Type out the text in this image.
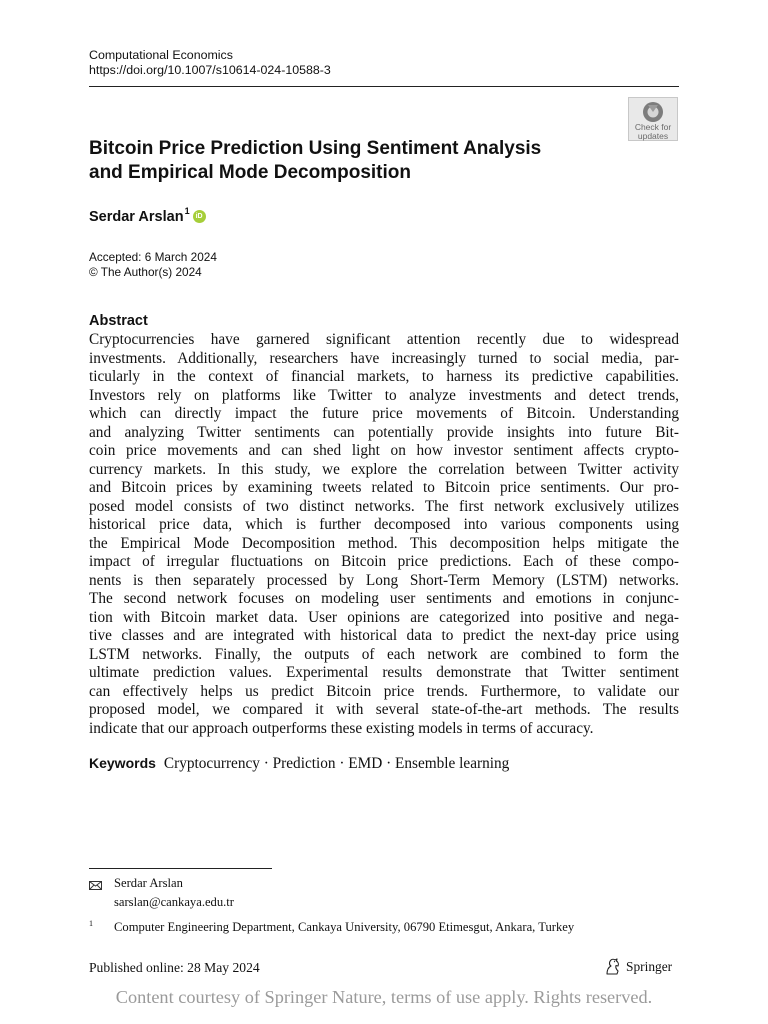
Computational Economics
https://doi.org/10.1007/s10614-024-10588-3
Check for
updates
Bitcoin Price Prediction Using Sentiment Analysis
and Empirical Mode Decomposition
Serdar Arslan$^1$
iD
Accepted: 6 March 2024
© The Author(s) 2024
Abstract
Cryptocurrencies have garnered significant attention recently due to widespread
investments. Additionally, researchers have increasingly turned to social media, par-
ticularly in the context of financial markets, to harness its predictive capabilities.
Investors rely on platforms like Twitter to analyze investments and detect trends,
which can directly impact the future price movements of Bitcoin. Understanding
and analyzing Twitter sentiments can potentially provide insights into future Bit-
coin price movements and can shed light on how investor sentiment affects crypto-
currency markets. In this study, we explore the correlation between Twitter activity
and Bitcoin prices by examining tweets related to Bitcoin price sentiments. Our pro-
posed model consists of two distinct networks. The first network exclusively utilizes
historical price data, which is further decomposed into various components using
the Empirical Mode Decomposition method. This decomposition helps mitigate the
impact of irregular fluctuations on Bitcoin price predictions. Each of these compo-
nents is then separately processed by Long Short-Term Memory (LSTM) networks.
The second network focuses on modeling user sentiments and emotions in conjunc-
tion with Bitcoin market data. User opinions are categorized into positive and nega-
tive classes and are integrated with historical data to predict the next-day price using
LSTM networks. Finally, the outputs of each network are combined to form the
ultimate prediction values. Experimental results demonstrate that Twitter sentiment
can effectively helps us predict Bitcoin price trends. Furthermore, to validate our
proposed model, we compared it with several state-of-the-art methods. The results
indicate that our approach outperforms these existing models in terms of accuracy.
Keywords Cryptocurrency · Prediction · EMD · Ensemble learning
Serdar Arslan
sarslan@cankaya.edu.tr
1	Computer Engineering Department, Cankaya University, 06790 Etimesgut, Ankara, Turkey
Published online: 28 May 2024	Springer
Content courtesy of Springer Nature, terms of use apply. Rights reserved.
